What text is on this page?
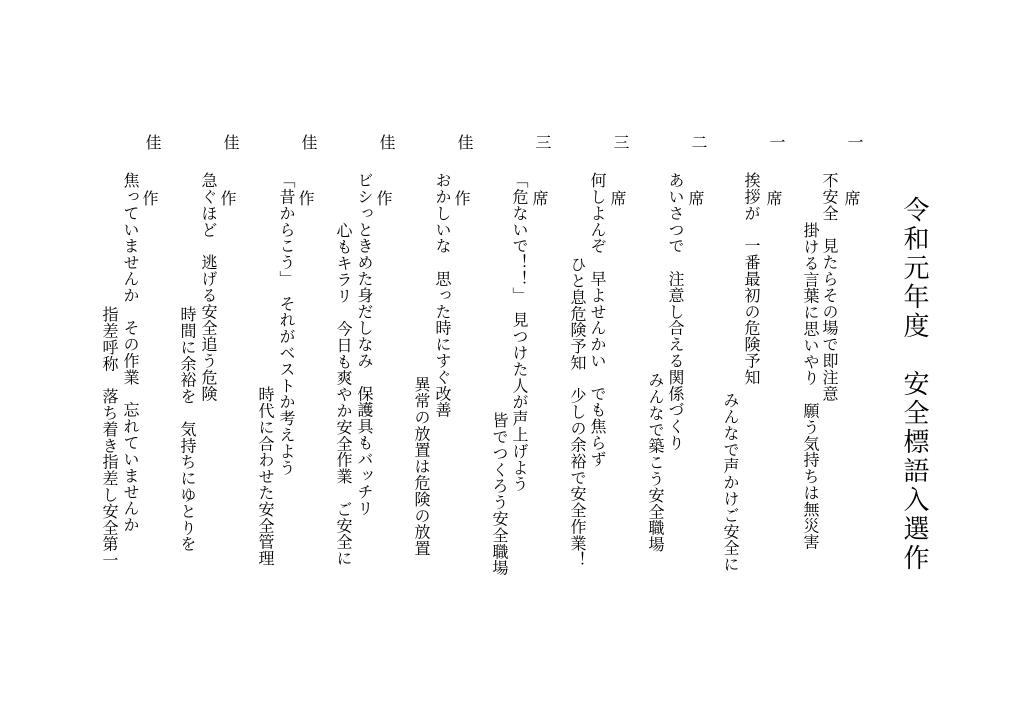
令和元年度　安全標語入選作
一
席
不安全　見たらその場で即注意
掛ける言葉に思いやり　願う気持ちは無災害
一
席
挨拶が　一番最初の危険予知
みんなで声かけご安全に
二
席
あいさつで　注意し合える関係づくり
みんなで築こう安全職場
三
席
何しよんぞ　早よせんかい　でも焦らず
ひと息危険予知　少しの余裕で安全作業！
三
席
「危ないで！！」　見つけた人が声上げよう
皆でつくろう安全職場
佳
作
おかしいな　思った時にすぐ改善
異常の放置は危険の放置
佳
作
ビシっときめた身だしなみ　保護具もバッチリ
心もキラリ　今日も爽やか安全作業　ご安全に
佳
作
「昔からこう」　それがベストか考えよう
時代に合わせた安全管理
佳
作
急ぐほど　逃げる安全追う危険
時間に余裕を　気持ちにゆとりを
佳
作
焦っていませんか　その作業　忘れていませんか
指差呼称　落ち着き指差し安全第一
